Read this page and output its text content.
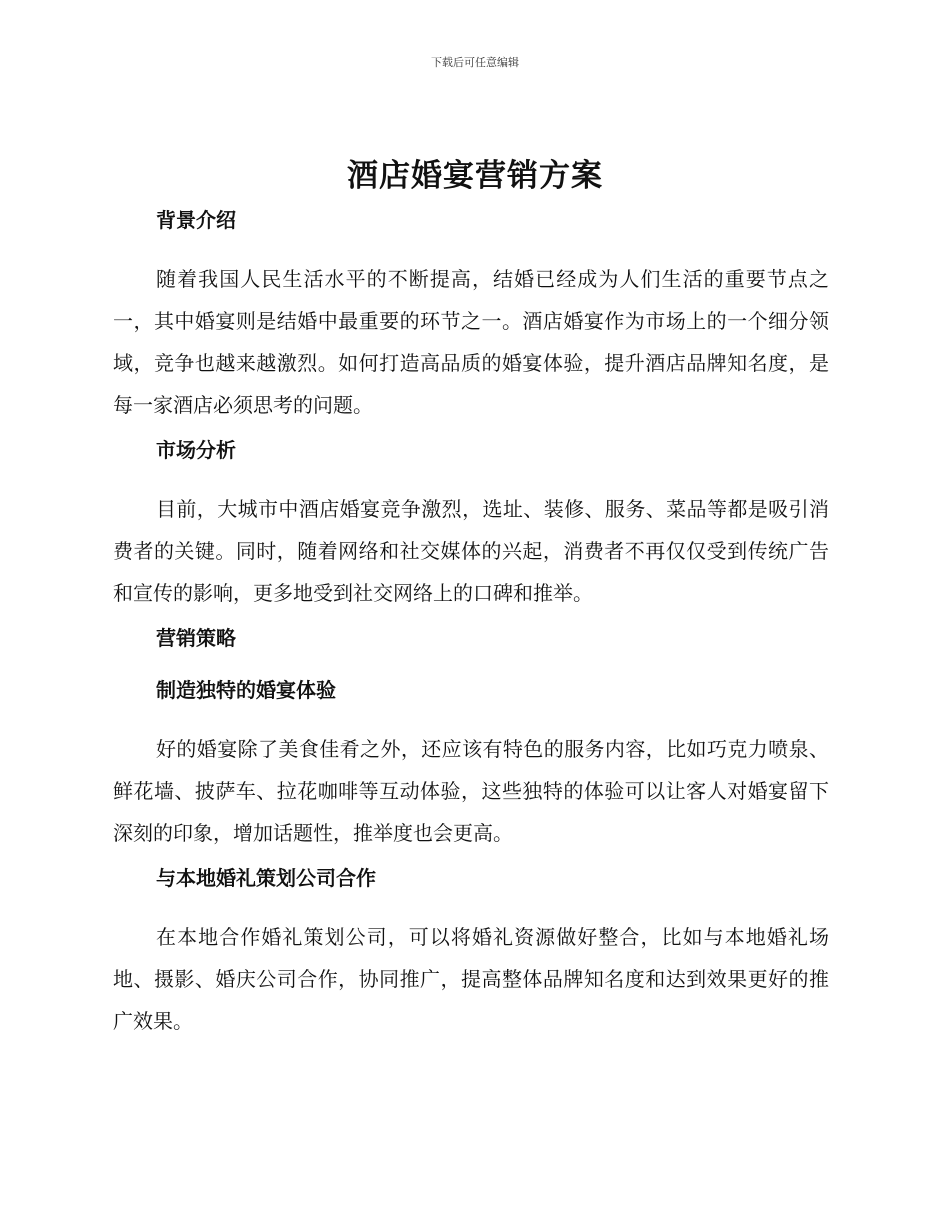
下载后可任意编辑
酒店婚宴营销方案
背景介绍

随着我国人民生活水平的不断提高，结婚已经成为人们生活的重要节点之一，其中婚宴则是结婚中最重要的环节之一。酒店婚宴作为市场上的一个细分领域，竞争也越来越激烈。如何打造高品质的婚宴体验，提升酒店品牌知名度，是每一家酒店必须思考的问题。

市场分析

目前，大城市中酒店婚宴竞争激烈，选址、装修、服务、菜品等都是吸引消费者的关键。同时，随着网络和社交媒体的兴起，消费者不再仅仅受到传统广告和宣传的影响，更多地受到社交网络上的口碑和推举。

营销策略
制造独特的婚宴体验

好的婚宴除了美食佳肴之外，还应该有特色的服务内容，比如巧克力喷泉、鲜花墙、披萨车、拉花咖啡等互动体验，这些独特的体验可以让客人对婚宴留下深刻的印象，增加话题性，推举度也会更高。

与本地婚礼策划公司合作

在本地合作婚礼策划公司，可以将婚礼资源做好整合，比如与本地婚礼场地、摄影、婚庆公司合作，协同推广，提高整体品牌知名度和达到效果更好的推广效果。
